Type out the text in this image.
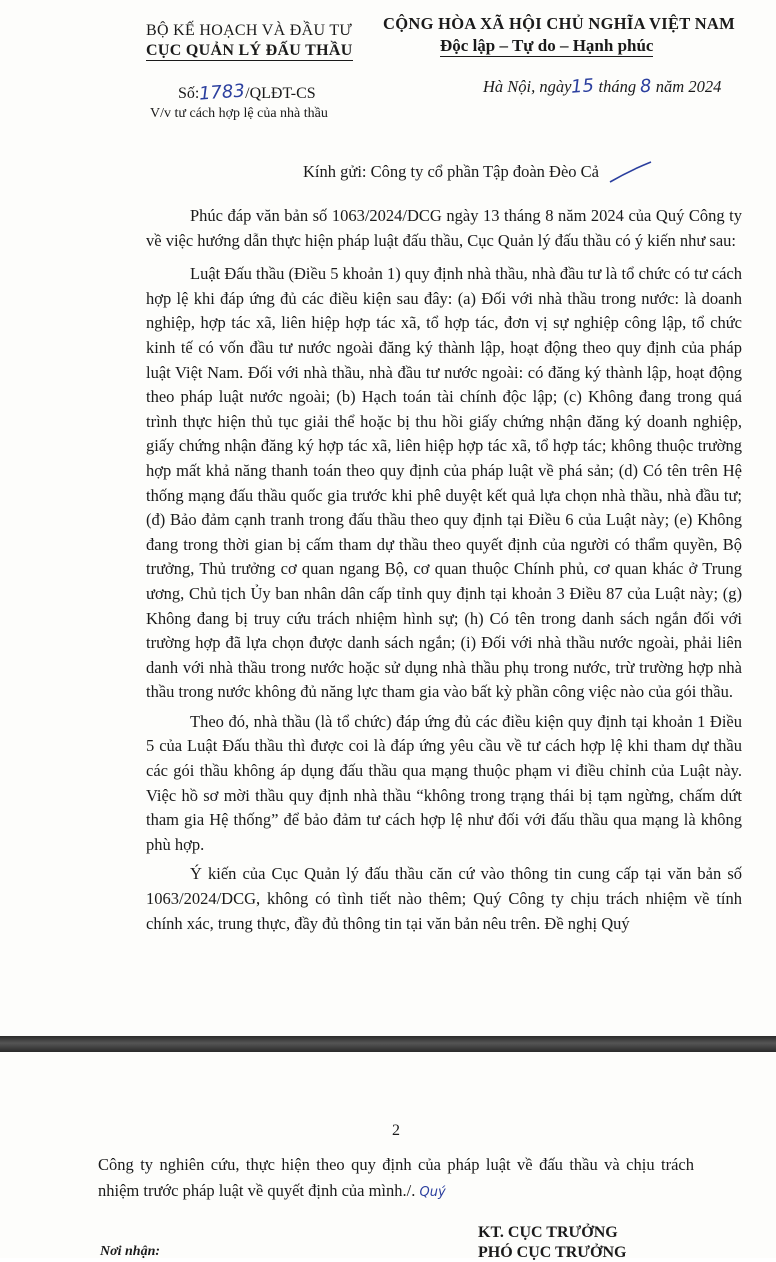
BỘ KẾ HOẠCH VÀ ĐẦU TƯ
CỤC QUẢN LÝ ĐẤU THẦU
CỘNG HÒA XÃ HỘI CHỦ NGHĨA VIỆT NAM
Độc lập – Tự do – Hạnh phúc
Số:1783/QLĐT-CS	Hà Nội, ngày15 tháng 8 năm 2024
V/v tư cách hợp lệ của nhà thầu
Kính gửi: Công ty cổ phần Tập đoàn Đèo Cả

Phúc đáp văn bản số 1063/2024/DCG ngày 13 tháng 8 năm 2024 của Quý Công ty về việc hướng dẫn thực hiện pháp luật đấu thầu, Cục Quản lý đấu thầu có ý kiến như sau:

Luật Đấu thầu (Điều 5 khoản 1) quy định nhà thầu, nhà đầu tư là tổ chức có tư cách hợp lệ khi đáp ứng đủ các điều kiện sau đây: (a) Đối với nhà thầu trong nước: là doanh nghiệp, hợp tác xã, liên hiệp hợp tác xã, tổ hợp tác, đơn vị sự nghiệp công lập, tổ chức kinh tế có vốn đầu tư nước ngoài đăng ký thành lập, hoạt động theo quy định của pháp luật Việt Nam. Đối với nhà thầu, nhà đầu tư nước ngoài: có đăng ký thành lập, hoạt động theo pháp luật nước ngoài; (b) Hạch toán tài chính độc lập; (c) Không đang trong quá trình thực hiện thủ tục giải thể hoặc bị thu hồi giấy chứng nhận đăng ký doanh nghiệp, giấy chứng nhận đăng ký hợp tác xã, liên hiệp hợp tác xã, tổ hợp tác; không thuộc trường hợp mất khả năng thanh toán theo quy định của pháp luật về phá sản; (d) Có tên trên Hệ thống mạng đấu thầu quốc gia trước khi phê duyệt kết quả lựa chọn nhà thầu, nhà đầu tư; (đ) Bảo đảm cạnh tranh trong đấu thầu theo quy định tại Điều 6 của Luật này; (e) Không đang trong thời gian bị cấm tham dự thầu theo quyết định của người có thẩm quyền, Bộ trưởng, Thủ trưởng cơ quan ngang Bộ, cơ quan thuộc Chính phủ, cơ quan khác ở Trung ương, Chủ tịch Ủy ban nhân dân cấp tỉnh quy định tại khoản 3 Điều 87 của Luật này; (g) Không đang bị truy cứu trách nhiệm hình sự; (h) Có tên trong danh sách ngắn đối với trường hợp đã lựa chọn được danh sách ngắn; (i) Đối với nhà thầu nước ngoài, phải liên danh với nhà thầu trong nước hoặc sử dụng nhà thầu phụ trong nước, trừ trường hợp nhà thầu trong nước không đủ năng lực tham gia vào bất kỳ phần công việc nào của gói thầu.

Theo đó, nhà thầu (là tổ chức) đáp ứng đủ các điều kiện quy định tại khoản 1 Điều 5 của Luật Đấu thầu thì được coi là đáp ứng yêu cầu về tư cách hợp lệ khi tham dự thầu các gói thầu không áp dụng đấu thầu qua mạng thuộc phạm vi điều chỉnh của Luật này. Việc hồ sơ mời thầu quy định nhà thầu “không trong trạng thái bị tạm ngừng, chấm dứt tham gia Hệ thống” để bảo đảm tư cách hợp lệ như đối với đấu thầu qua mạng là không phù hợp.

Ý kiến của Cục Quản lý đấu thầu căn cứ vào thông tin cung cấp tại văn bản số 1063/2024/DCG, không có tình tiết nào thêm; Quý Công ty chịu trách nhiệm về tính chính xác, trung thực, đầy đủ thông tin tại văn bản nêu trên. Đề nghị Quý

2
Công ty nghiên cứu, thực hiện theo quy định của pháp luật về đấu thầu và chịu trách nhiệm trước pháp luật về quyết định của mình./. Quý
KT. CỤC TRƯỞNG
PHÓ CỤC TRƯỞNG
Nơi nhận:
